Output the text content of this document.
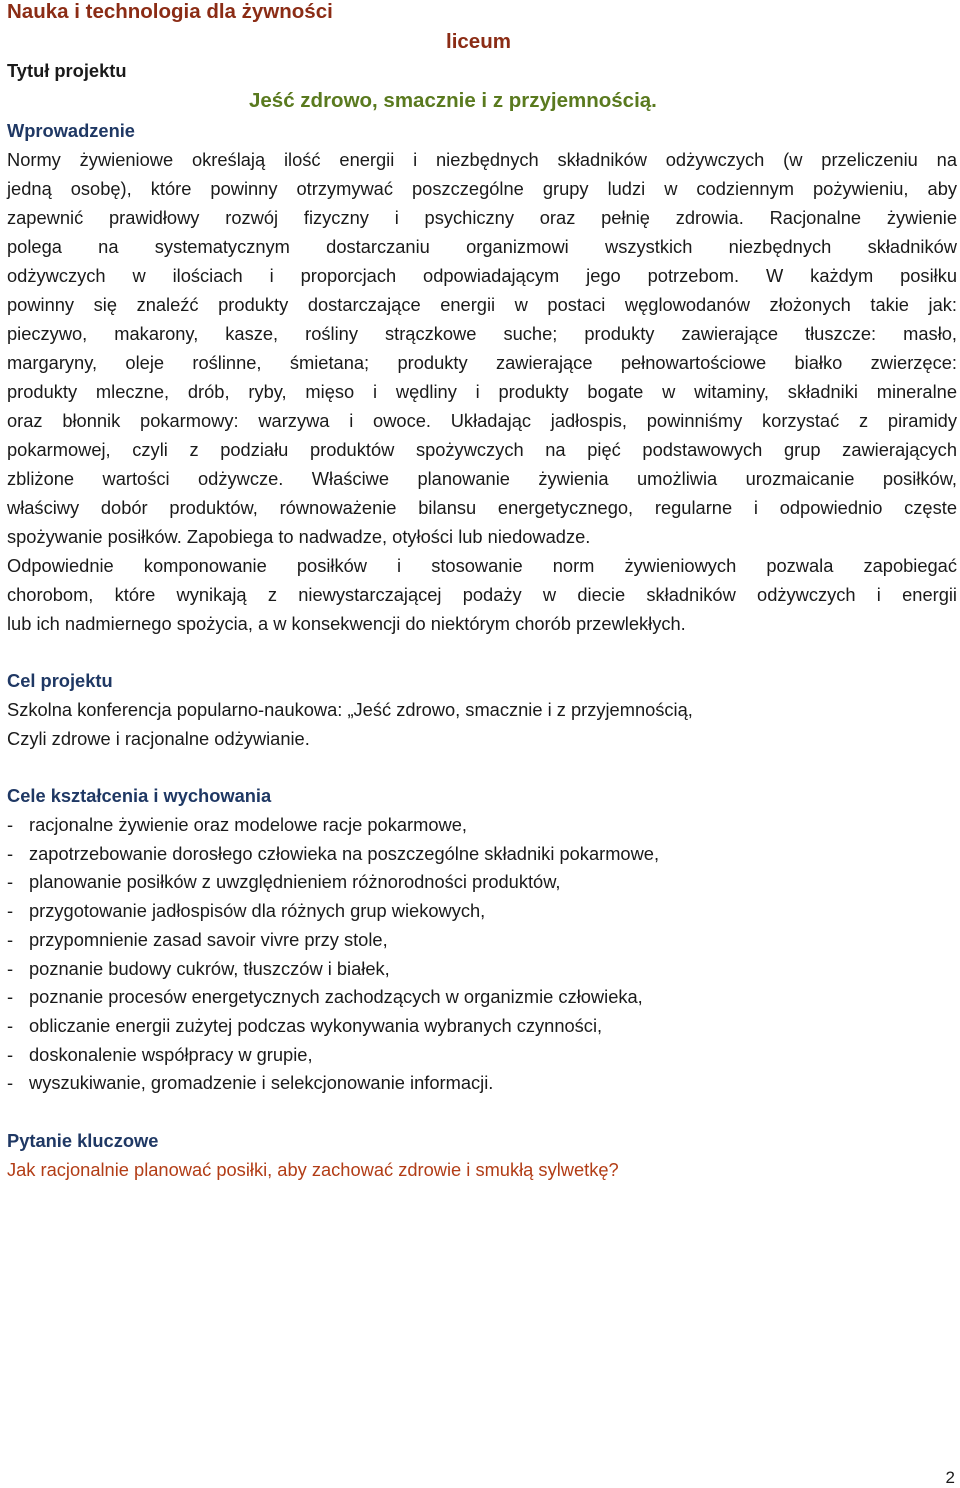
Nauka i technologia dla żywności
liceum
Tytuł projektu
Jeść zdrowo, smacznie i z przyjemnością.
Wprowadzenie
Normy żywieniowe określają ilość energii i niezbędnych składników odżywczych (w przeliczeniu na
jedną osobę), które powinny otrzymywać poszczególne grupy ludzi w codziennym pożywieniu, aby
zapewnić prawidłowy rozwój fizyczny i psychiczny oraz pełnię zdrowia. Racjonalne żywienie
polega na systematycznym dostarczaniu organizmowi wszystkich niezbędnych składników
odżywczych w ilościach i proporcjach odpowiadającym jego potrzebom. W każdym posiłku
powinny się znaleźć produkty dostarczające energii w postaci węglowodanów złożonych takie jak:
pieczywo, makarony, kasze, rośliny strączkowe suche; produkty zawierające tłuszcze: masło,
margaryny, oleje roślinne, śmietana; produkty zawierające pełnowartościowe białko zwierzęce:
produkty mleczne, drób, ryby, mięso i wędliny i produkty bogate w witaminy, składniki mineralne
oraz błonnik pokarmowy: warzywa i owoce. Układając jadłospis, powinniśmy korzystać z piramidy
pokarmowej, czyli z podziału produktów spożywczych na pięć podstawowych grup zawierających
zbliżone wartości odżywcze. Właściwe planowanie żywienia umożliwia urozmaicanie posiłków,
właściwy dobór produktów, równoważenie bilansu energetycznego, regularne i odpowiednio częste
spożywanie posiłków. Zapobiega to nadwadze, otyłości lub niedowadze.
Odpowiednie komponowanie posiłków i stosowanie norm żywieniowych pozwala zapobiegać
chorobom, które wynikają z niewystarczającej podaży w diecie składników odżywczych i energii
lub ich nadmiernego spożycia, a w konsekwencji do niektórym chorób przewlekłych.
Cel projektu
Szkolna konferencja popularno-naukowa: „Jeść zdrowo, smacznie i z przyjemnością,
Czyli zdrowe i racjonalne odżywianie.
Cele kształcenia i wychowania
- racjonalne żywienie oraz modelowe racje pokarmowe,
- zapotrzebowanie dorosłego człowieka na poszczególne składniki pokarmowe,
- planowanie posiłków z uwzględnieniem różnorodności produktów,
- przygotowanie jadłospisów dla różnych grup wiekowych,
- przypomnienie zasad savoir vivre przy stole,
- poznanie budowy cukrów, tłuszczów i białek,
- poznanie procesów energetycznych zachodzących w organizmie człowieka,
- obliczanie energii zużytej podczas wykonywania wybranych czynności,
- doskonalenie współpracy w grupie,
- wyszukiwanie, gromadzenie i selekcjonowanie informacji.
Pytanie kluczowe
Jak racjonalnie planować posiłki, aby zachować zdrowie i smukłą sylwetkę?
2
